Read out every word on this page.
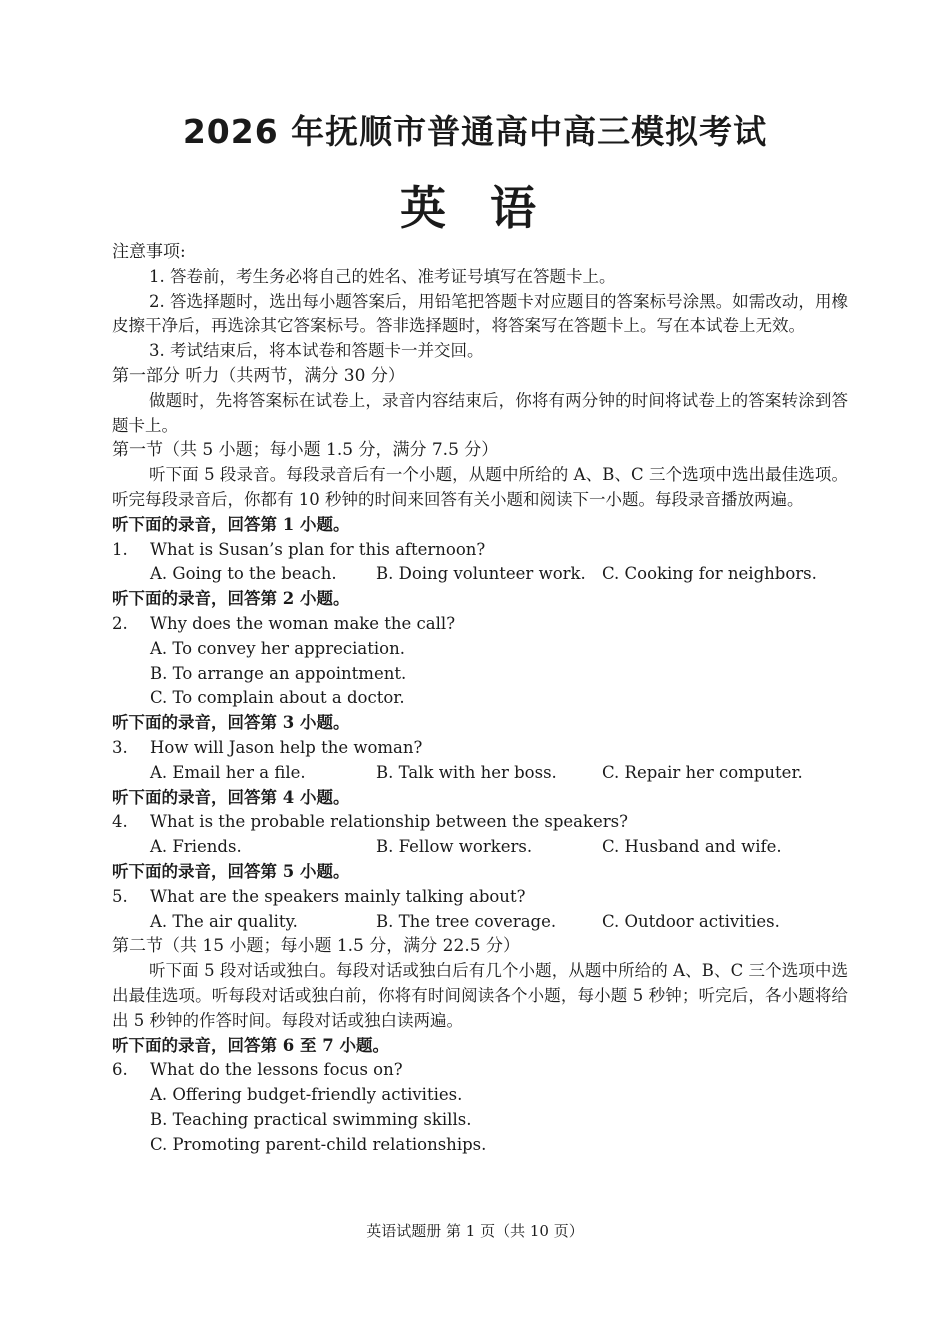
2026 年抚顺市普通高中高三模拟考试
英语
注意事项:
1. 答卷前，考生务必将自己的姓名、准考证号填写在答题卡上。
2. 答选择题时，选出每小题答案后，用铅笔把答题卡对应题目的答案标号涂黑。如需改动，用橡皮擦干净后，再选涂其它答案标号。答非选择题时，将答案写在答题卡上。写在本试卷上无效。
3. 考试结束后，将本试卷和答题卡一并交回。
第一部分 听力（共两节，满分 30 分）
做题时，先将答案标在试卷上，录音内容结束后，你将有两分钟的时间将试卷上的答案转涂到答题卡上。
第一节（共 5 小题；每小题 1.5 分，满分 7.5 分）
听下面 5 段录音。每段录音后有一个小题，从题中所给的 A、B、C 三个选项中选出最佳选项。听完每段录音后，你都有 10 秒钟的时间来回答有关小题和阅读下一小题。每段录音播放两遍。
听下面的录音，回答第 1 小题。
1.	What is Susan’s plan for this afternoon?
A. Going to the beach.	B. Doing volunteer work. C. Cooking for neighbors.
听下面的录音，回答第 2 小题。
2.	Why does the woman make the call?
A. To convey her appreciation.
B. To arrange an appointment.
C. To complain about a doctor.
听下面的录音，回答第 3 小题。
3.	How will Jason help the woman?
A. Email her a file.	B. Talk with her boss.	C. Repair her computer.
听下面的录音，回答第 4 小题。
4.	What is the probable relationship between the speakers?
A. Friends.	B. Fellow workers.	C. Husband and wife.
听下面的录音，回答第 5 小题。
5.	What are the speakers mainly talking about?
A. The air quality.	B. The tree coverage.	C. Outdoor activities.
第二节（共 15 小题；每小题 1.5 分，满分 22.5 分）
听下面 5 段对话或独白。每段对话或独白后有几个小题，从题中所给的 A、B、C 三个选项中选出最佳选项。听每段对话或独白前，你将有时间阅读各个小题，每小题 5 秒钟；听完后，各小题将给出 5 秒钟的作答时间。每段对话或独白读两遍。
听下面的录音，回答第 6 至 7 小题。
6.	What do the lessons focus on?
A. Offering budget-friendly activities.
B. Teaching practical swimming skills.
C. Promoting parent-child relationships.
英语试题册 第 1 页（共 10 页）
